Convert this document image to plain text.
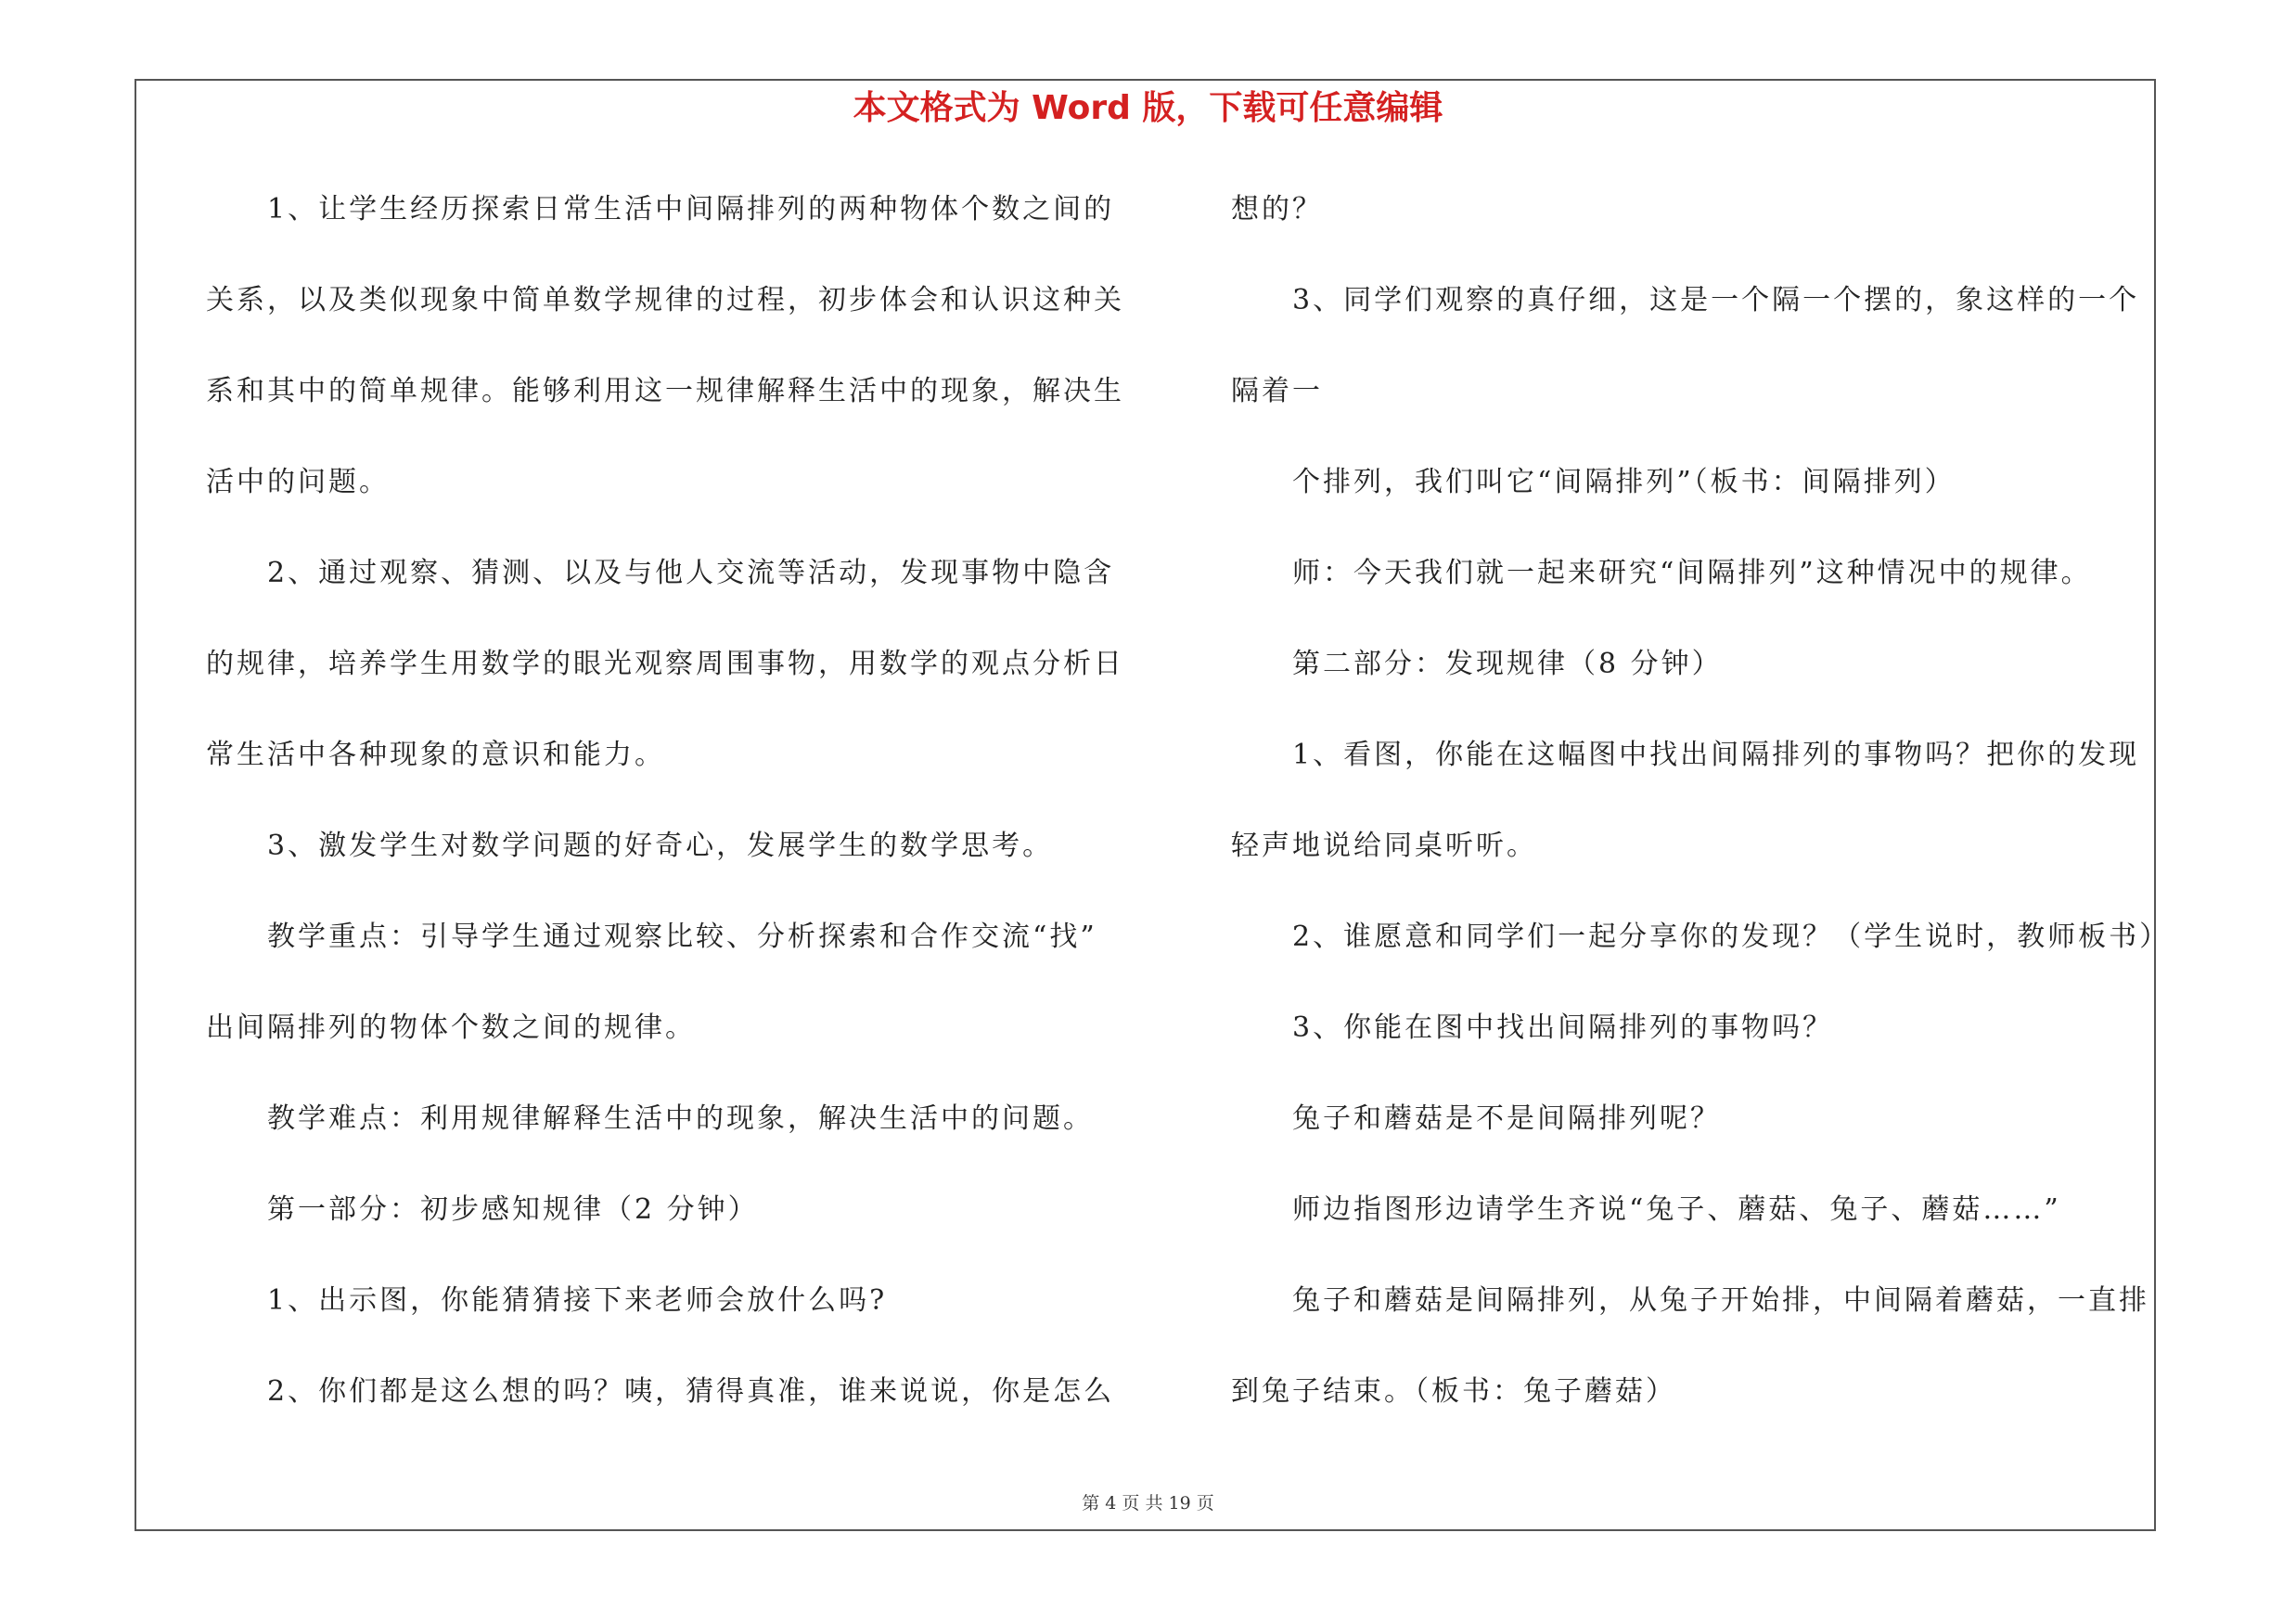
本文格式为 Word 版，下载可任意编辑
1、让学生经历探索日常生活中间隔排列的两种物体个数之间的
关系，以及类似现象中简单数学规律的过程，初步体会和认识这种关
系和其中的简单规律。能够利用这一规律解释生活中的现象，解决生
活中的问题。
2、通过观察、猜测、以及与他人交流等活动，发现事物中隐含
的规律，培养学生用数学的眼光观察周围事物，用数学的观点分析日
常生活中各种现象的意识和能力。
3、激发学生对数学问题的好奇心，发展学生的数学思考。
教学重点：引导学生通过观察比较、分析探索和合作交流“找”
出间隔排列的物体个数之间的规律。
教学难点：利用规律解释生活中的现象，解决生活中的问题。
第一部分：初步感知规律（2 分钟）
1、出示图，你能猜猜接下来老师会放什么吗?
2、你们都是这么想的吗？咦，猜得真准，谁来说说，你是怎么
想的？
3、同学们观察的真仔细，这是一个隔一个摆的，象这样的一个
隔着一
个排列，我们叫它“间隔排列”（板书：间隔排列）
师：今天我们就一起来研究“间隔排列”这种情况中的规律。
第二部分：发现规律（8 分钟）
1、看图，你能在这幅图中找出间隔排列的事物吗？把你的发现
轻声地说给同桌听听。
2、谁愿意和同学们一起分享你的发现？（学生说时，教师板书）
3、你能在图中找出间隔排列的事物吗？
兔子和蘑菇是不是间隔排列呢？
师边指图形边请学生齐说“兔子、蘑菇、兔子、蘑菇……”
兔子和蘑菇是间隔排列，从兔子开始排，中间隔着蘑菇，一直排
到兔子结束。（板书：兔子蘑菇）
第 4 页 共 19 页
